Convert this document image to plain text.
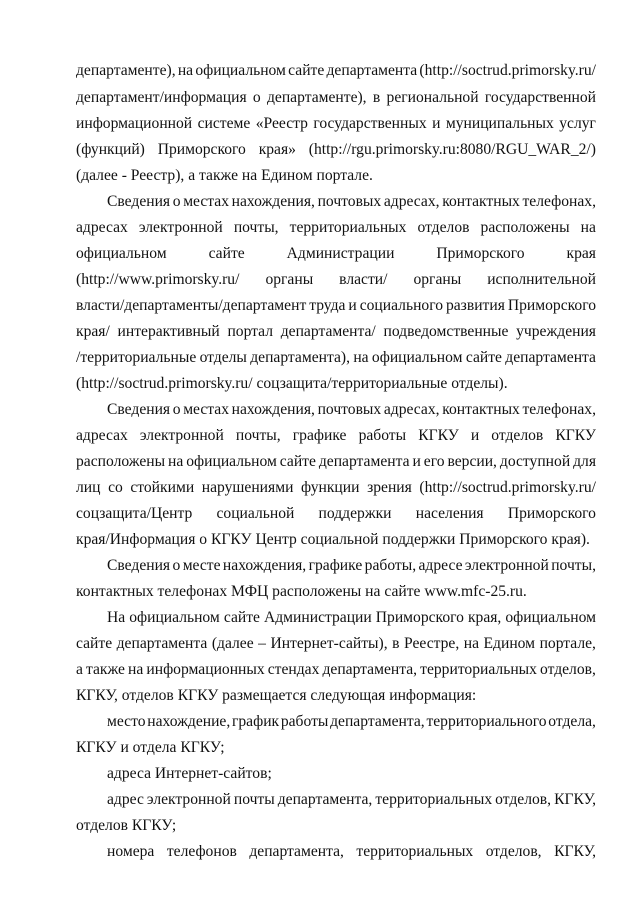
департаменте), на официальном сайте департамента (http://soctrud.primorsky.ru/
департамент/информация о департаменте), в региональной государственной
информационной системе «Реестр государственных и муниципальных услуг
(функций) Приморского края» (http://rgu.primorsky.ru:8080/RGU_WAR_2/)
(далее - Реестр), а также на Едином портале.
Сведения о местах нахождения, почтовых адресах, контактных телефонах,
адресах электронной почты, территориальных отделов расположены на
официальном	сайте	Администрации	Приморского	края
(http://www.primorsky.ru/ органы власти/ органы исполнительной
власти/департаменты/департамент труда и социального развития Приморского
края/ интерактивный портал департамента/ подведомственные учреждения
/территориальные отделы департамента), на официальном сайте департамента
(http://soctrud.primorsky.ru/ соцзащита/территориальные отделы).
Сведения о местах нахождения, почтовых адресах, контактных телефонах,
адресах электронной почты, графике работы КГКУ и отделов КГКУ
расположены на официальном сайте департамента и его версии, доступной для
лиц со стойкими нарушениями функции зрения (http://soctrud.primorsky.ru/
соцзащита/Центр социальной поддержки населения Приморского
края/Информация о КГКУ Центр социальной поддержки Приморского края).
Сведения о месте нахождения, графике работы, адресе электронной почты,
контактных телефонах МФЦ расположены на сайте www.mfc-25.ru.
На официальном сайте Администрации Приморского края, официальном
сайте департамента (далее – Интернет-сайты), в Реестре, на Едином портале,
а также на информационных стендах департамента, территориальных отделов,
КГКУ, отделов КГКУ размещается следующая информация:
место нахождение, график работы департамента, территориального отдела,
КГКУ и отдела КГКУ;
адреса Интернет-сайтов;
адрес электронной почты департамента, территориальных отделов, КГКУ,
отделов КГКУ;
номера телефонов департамента, территориальных отделов, КГКУ,
